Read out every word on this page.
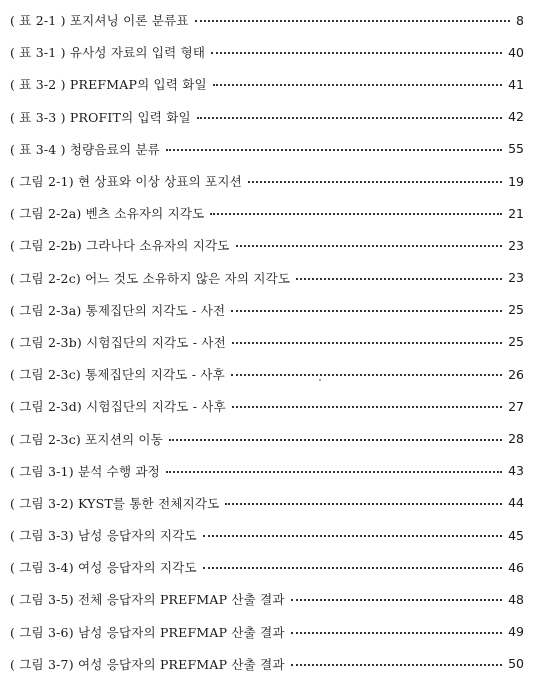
( 표 2-1 ) 포지셔닝 이론 분류표	8
( 표 3-1 ) 유사성 자료의 입력 형태	40
( 표 3-2 ) PREFMAP의 입력 화일	41
( 표 3-3 ) PROFIT의 입력 화일	42
( 표 3-4 ) 청량음료의 분류	55
( 그림 2-1) 현 상표와 이상 상표의 포지션	19
( 그림 2-2a) 벤츠 소유자의 지각도	21
( 그림 2-2b) 그라나다 소유자의 지각도	23
( 그림 2-2c) 어느 것도 소유하지 않은 자의 지각도	23
( 그림 2-3a) 통제집단의 지각도 - 사전	25
( 그림 2-3b) 시험집단의 지각도 - 사전	25
( 그림 2-3c) 통제집단의 지각도 - 사후	26
( 그림 2-3d) 시험집단의 지각도 - 사후	27
( 그림 2-3c) 포지션의 이동	28
( 그림 3-1) 분석 수행 과정	43
( 그림 3-2) KYST를 통한 전체지각도	44
( 그림 3-3) 남성 응답자의 지각도	45
( 그림 3-4) 여성 응답자의 지각도	46
( 그림 3-5) 전체 응답자의 PREFMAP 산출 결과	48
( 그림 3-6) 남성 응답자의 PREFMAP 산출 결과	49
( 그림 3-7) 여성 응답자의 PREFMAP 산출 결과	50
